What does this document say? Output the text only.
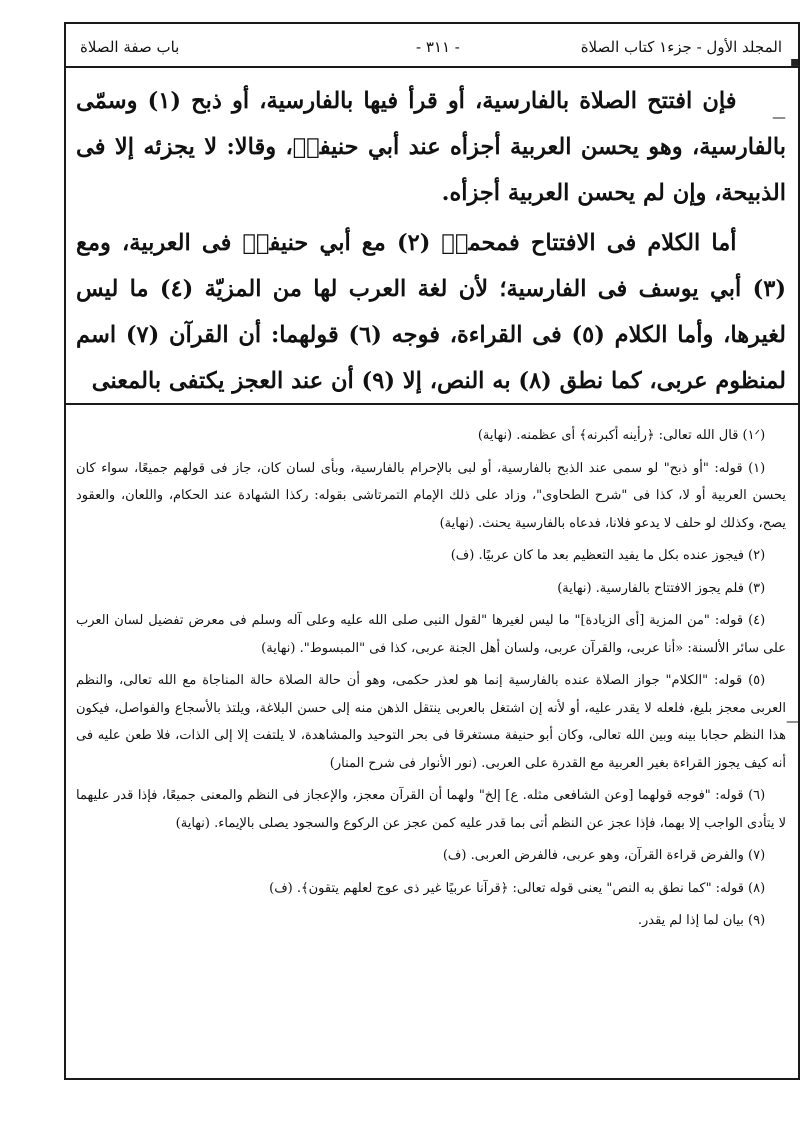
المجلد الأول - جزء١ كتاب الصلاة
- ٣١١ -
باب صفة الصلاة

فإن افتتح الصلاة بالفارسية، أو قرأ فيها بالفارسية، أو ذبح (١) وسمّى بالفارسية، وهو يحسن العربية أجزأه عند أبي حنيفةؒ، وقالا: لا يجزئه إلا فى الذبيحة، وإن لم يحسن العربية أجزأه.

أما الكلام فى الافتتاح فمحمدؒ (٢) مع أبي حنيفةؒ فى العربية، ومع (٣) أبي يوسف فى الفارسية؛ لأن لغة العرب لها من المزيّة (٤) ما ليس لغيرها، وأما الكلام (٥) فى القراءة، فوجه (٦) قولهما: أن القرآن (٧) اسم لمنظوم عربى، كما نطق (٨) به النص، إلا (٩) أن عند العجز يكتفى بالمعنى

(١ᐟ) قال الله تعالى: ﴿رأينه أكبرنه﴾ أى عظمنه. (نهاية)

(١) قوله: "أو ذبح" لو سمى عند الذبح بالفارسية، أو لبى بالإحرام بالفارسية، وبأى لسان كان، جاز فى قولهم جميعًا، سواء كان يحسن العربية أو لا، كذا فى "شرح الطحاوى"، وزاد على ذلك الإمام التمرتاشى بقوله: ركذا الشهادة عند الحكام، واللعان، والعقود يصح، وكذلك لو حلف لا يدعو فلانا، فدعاه بالفارسية يحنث. (نهاية)

(٢) فيجوز عنده بكل ما يفيد التعظيم بعد ما كان عربيًا. (ف)

(٣) فلم يجوز الافتتاح بالفارسية. (نهاية)

(٤) قوله: "من المزية [أى الزيادة]" ما ليس لغيرها "لقول النبى صلى الله عليه وعلى آله وسلم فى معرض تفضيل لسان العرب على سائر الألسنة: «أنا عربى، والقرآن عربى، ولسان أهل الجنة عربى، كذا فى "المبسوط". (نهاية)

(٥) قوله: "الكلام" جواز الصلاة عنده بالفارسية إنما هو لعذر حكمى، وهو أن حالة الصلاة حالة المناجاة مع الله تعالى، والنظم العربى معجز بليغ، فلعله لا يقدر عليه، أو لأنه إن اشتغل بالعربى ينتقل الذهن منه إلى حسن البلاغة، ويلتذ بالأسجاع والفواصل، فيكون هذا النظم حجابا بينه وبين الله تعالى، وكان أبو حنيفة مستغرقا فى بحر التوحيد والمشاهدة، لا يلتفت إلا إلى الذات، فلا طعن عليه فى أنه كيف يجوز القراءة بغير العربية مع القدرة على العربى. (نور الأنوار فى شرح المنار)

(٦) قوله: "فوجه قولهما [وعن الشافعى مثله. ع] إلخ" ولهما أن القرآن معجز، والإعجاز فى النظم والمعنى جميعًا، فإذا قدر عليهما لا يتأدى الواجب إلا بهما، فإذا عجز عن النظم أتى بما قدر عليه كمن عجز عن الركوع والسجود يصلى بالإيماء. (نهاية)

(٧) والفرض قراءة القرآن، وهو عربى، فالفرض العربى. (ف)

(٨) قوله: "كما نطق به النص" يعنى قوله تعالى: ﴿قرآنا عربيًا غير ذى عوج لعلهم يتقون﴾. (ف)

(٩) بيان لما إذا لم يقدر.

▪
—
—
